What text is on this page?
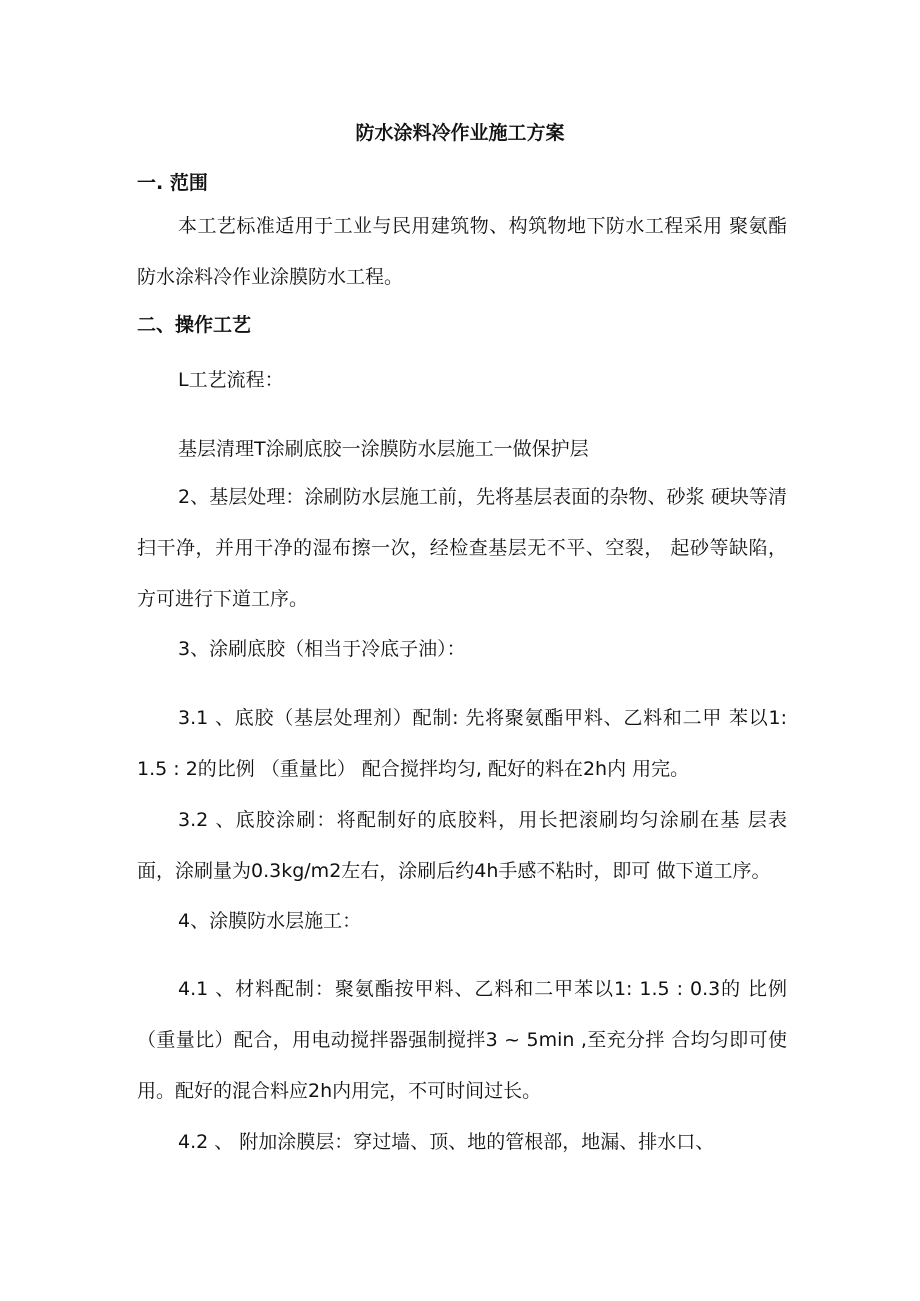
防水涂料冷作业施工方案
一. 范围

本工艺标准适用于工业与民用建筑物、构筑物地下防水工程采用 聚氨酯防水涂料冷作业涂膜防水工程。

二、操作工艺

L工艺流程：

基层清理T涂刷底胶一涂膜防水层施工一做保护层

2、基层处理：涂刷防水层施工前，先将基层表面的杂物、砂浆 硬块等清扫干净，并用干净的湿布擦一次，经检查基层无不平、空裂， 起砂等缺陷，方可进行下道工序。

3、涂刷底胶（相当于冷底子油）：

3.1 、底胶（基层处理剂）配制: 先将聚氨酯甲料、乙料和二甲 苯以1: 1.5 : 2的比例 （重量比） 配合搅拌均匀, 配好的料在2h内 用完。

3.2 、底胶涂刷：将配制好的底胶料，用长把滚刷均匀涂刷在基 层表面，涂刷量为0.3kg∕m2左右，涂刷后约4h手感不粘时，即可 做下道工序。

4、涂膜防水层施工：

4.1 、材料配制：聚氨酯按甲料、乙料和二甲苯以1: 1.5 : 0.3的 比例（重量比）配合，用电动搅拌器强制搅拌3 ~ 5min ,至充分拌 合均匀即可使用。配好的混合料应2h内用完，不可时间过长。

4.2 、 附加涂膜层：穿过墙、顶、地的管根部，地漏、排水口、
